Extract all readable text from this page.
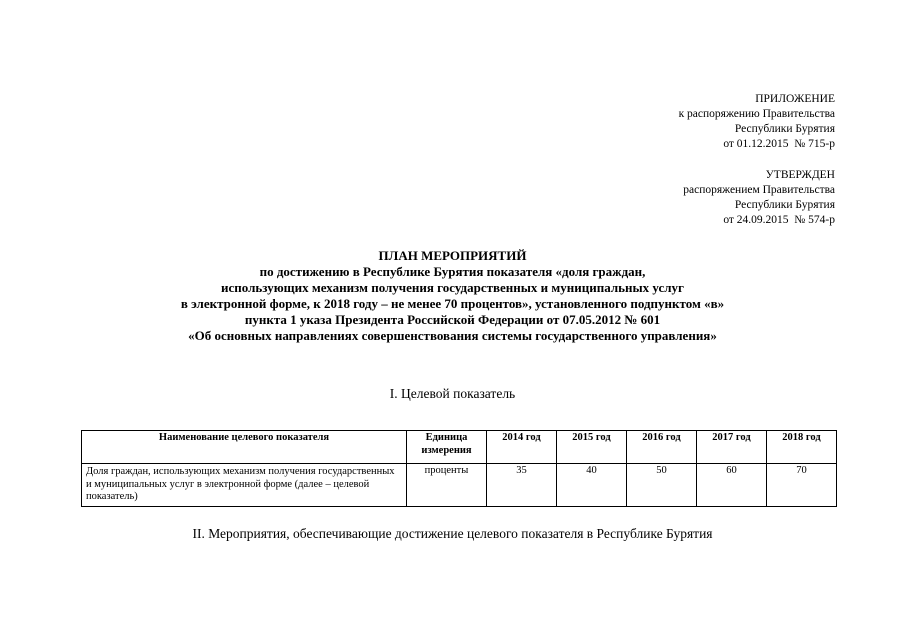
ПРИЛОЖЕНИЕ
к распоряжению Правительства
Республики Бурятия
от 01.12.2015  № 715-р
УТВЕРЖДЕН
распоряжением Правительства
Республики Бурятия
от 24.09.2015  № 574-р
ПЛАН МЕРОПРИЯТИЙ
по достижению в Республике Бурятия показателя «доля граждан,
использующих механизм получения государственных и муниципальных услуг
в электронной форме, к 2018 году – не менее 70 процентов», установленного подпунктом «в»
пункта 1 указа Президента Российской Федерации от 07.05.2012 № 601
«Об основных направлениях совершенствования системы государственного управления»
I. Целевой показатель
Наименование целевого показателя	Единица измерения	2014 год	2015 год	2016 год	2017 год	2018 год
Доля граждан, использующих механизм получения государственных и муниципальных услуг в электронной форме (далее – целевой показатель)	проценты	35	40	50	60	70
II. Мероприятия, обеспечивающие достижение целевого показателя в Республике Бурятия
